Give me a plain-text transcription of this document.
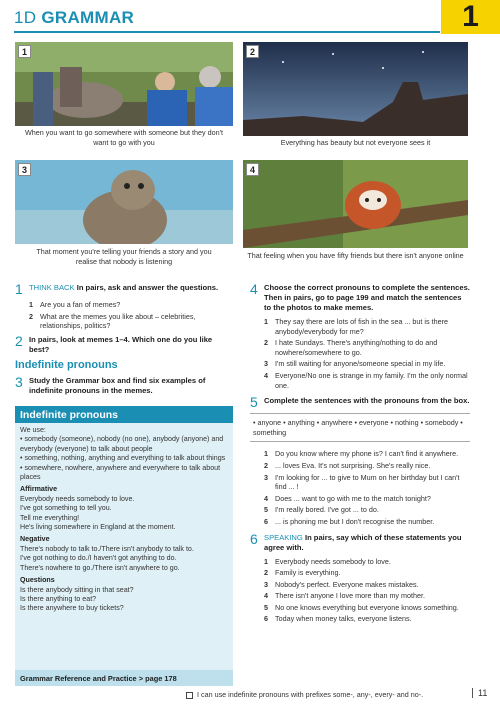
1D GRAMMAR	1
1
When you want to go somewhere with someone but they don't want to go with you
2
Everything has beauty but not everyone sees it
3
That moment you're telling your friends a story and you realise that nobody is listening
4
That feeling when you have fifty friends but there isn't anyone online
1 THINK BACK In pairs, ask and answer the questions.
1 Are you a fan of memes?
2 What are the memes you like about – celebrities, relationships, politics?
2 In pairs, look at memes 1–4. Which one do you like best?
Indefinite pronouns
3 Study the Grammar box and find six examples of indefinite pronouns in the memes.
Indefinite pronouns
We use:
• somebody (someone), nobody (no one), anybody (anyone) and everybody (everyone) to talk about people
• something, nothing, anything and everything to talk about things
• somewhere, nowhere, anywhere and everywhere to talk about places
Affirmative
Everybody needs somebody to love.
I've got something to tell you.
Tell me everything!
He's living somewhere in England at the moment.
Negative
There's nobody to talk to./There isn't anybody to talk to.
I've got nothing to do./I haven't got anything to do.
There's nowhere to go./There isn't anywhere to go.
Questions
Is there anybody sitting in that seat?
Is there anything to eat?
Is there anywhere to buy tickets?
Grammar Reference and Practice > page 178
4 Choose the correct pronouns to complete the sentences. Then in pairs, go to page 199 and match the sentences to the photos to make memes.
1 They say there are lots of fish in the sea ... but is there anybody/everybody for me?
2 I hate Sundays. There's anything/nothing to do and nowhere/somewhere to go.
3 I'm still waiting for anyone/someone special in my life.
4 Everyone/No one is strange in my family. I'm the only normal one.
5 Complete the sentences with the pronouns from the box.
• anyone • anything • anywhere • everyone • nothing • somebody • something
1 Do you know where my phone is? I can't find it anywhere.
2 ... loves Eva. It's not surprising. She's really nice.
3 I'm looking for ... to give to Mum on her birthday but I can't find ... !
4 Does ... want to go with me to the match tonight?
5 I'm really bored. I've got ... to do.
6 ... is phoning me but I don't recognise the number.
6 SPEAKING In pairs, say which of these statements you agree with.
1 Everybody needs somebody to love.
2 Family is everything.
3 Nobody's perfect. Everyone makes mistakes.
4 There isn't anyone I love more than my mother.
5 No one knows everything but everyone knows something.
6 Today when money talks, everyone listens.
I can use indefinite pronouns with prefixes some-, any-, every- and no-.	11
